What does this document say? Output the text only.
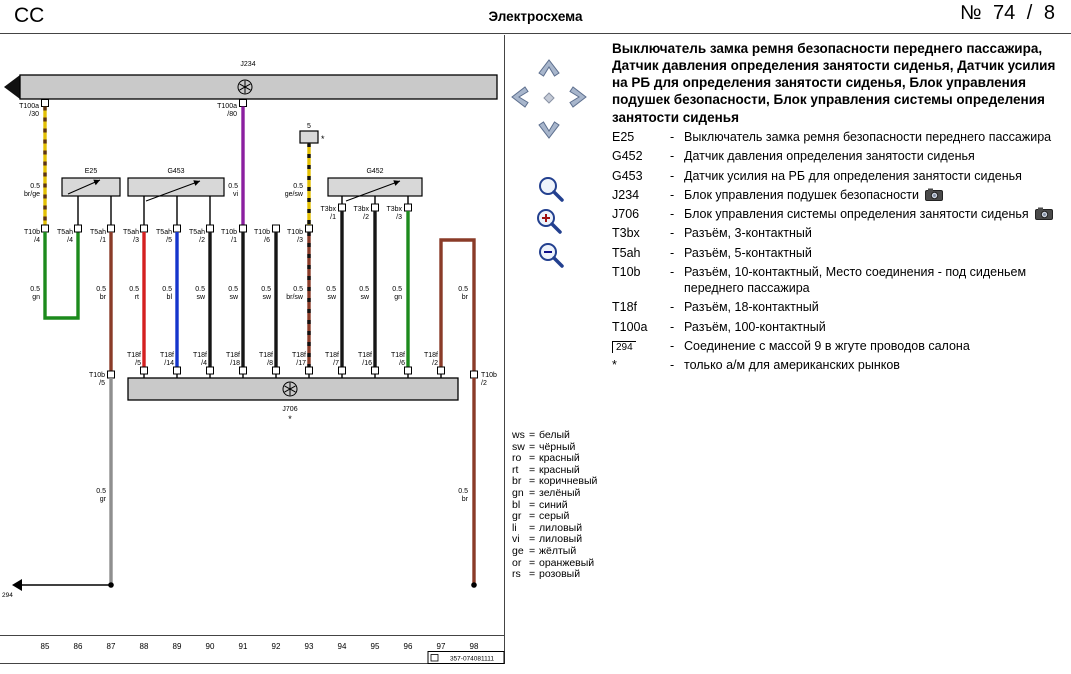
CC	Электросхема	№ 74 / 8
J234
T100a
/30
T100a
/80
0.5
br/ge
T10b
/4
0.5
gn
E25
T5ah
/4
T5ah
/1
0.5
br
T10b
/5
0.5
gr
294
G453
T5ah
/3
T5ah
/5
T5ah
/2
0.5
rt
0.5
bl
0.5
sw
0.5
vi
T10b
/1
0.5
sw
T10b
/6
0.5
sw
5
*
0.5
ge/sw
T10b
/3
0.5
br/sw
G452
T3bx
/1
T3bx
/2
T3bx
/3
0.5
sw
0.5
sw
0.5
gn
0.5
br
T10b
/2
0.5
br
T18f
/5
T18f
/14
T18f
/4
T18f
/18
T18f
/8
T18f
/17
T18f
/7
T18f
/16
T18f
/6
T18f
/2
J706
*
85	86	87	88	89	90	91	92	93	94	95	96	97	98
357-074081111
Выключатель замка ремня безопасности переднего пассажира, Датчик давления определения занятости сиденья, Датчик усилия на РБ для определения занятости сиденья, Блок управления подушек безопасности, Блок управления системы определения занятости сиденья
E25	- Выключатель замка ремня безопасности переднего пассажира
G452	- Датчик давления определения занятости сиденья
G453	- Датчик усилия на РБ для определения занятости сиденья
J234	- Блок управления подушек безопасности
J706	- Блок управления системы определения занятости сиденья
T3bx	- Разъём, 3-контактный
T5ah	- Разъём, 5-контактный
T10b	- Разъём, 10-контактный, Место соединения - под сиденьем переднего пассажира
T18f	- Разъём, 18-контактный
T100a	- Разъём, 100-контактный
294	- Соединение с массой 9 в жгуте проводов салона
*	- только а/м для американских рынков
ws = белый
sw = чёрный
ro = красный
rt = красный
br = коричневый
gn = зелёный
bl = синий
gr = серый
li = лиловый
vi = лиловый
ge = жёлтый
or = оранжевый
rs = розовый
